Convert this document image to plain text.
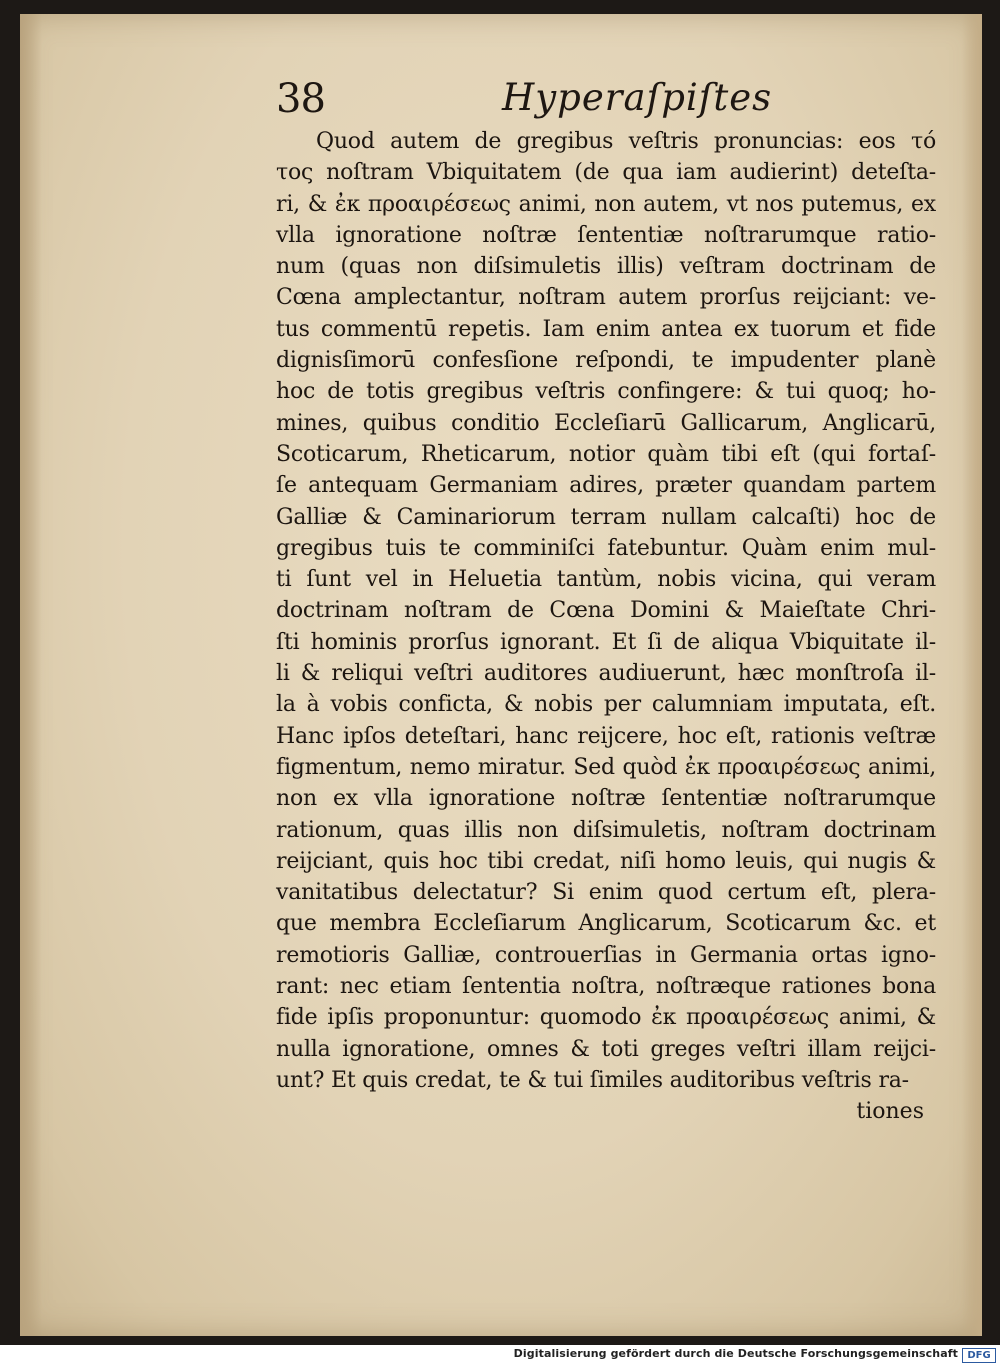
38	Hyperaſpiſtes
Quod autem de gregibus veſtris pronuncias: eos τό
τος noſtram Vbiquitatem (de qua iam audierint) deteſta-
ri, & ἐκ προαιρέσεως animi, non autem, vt nos putemus, ex
vlla ignoratione noſtræ ſententiæ noſtrarumque ratio-
num (quas non diſsimuletis illis) veſtram doctrinam de
Cœna amplectantur, noſtram autem prorſus reijciant: ve-
tus commentū repetis. Iam enim antea ex tuorum et fide
dignisſimorū confesſione reſpondi, te impudenter planè
hoc de totis gregibus veſtris confingere: & tui quoq; ho-
mines, quibus conditio Eccleſiarū Gallicarum, Anglicarū,
Scoticarum, Rheticarum, notior quàm tibi eſt (qui fortaſ-
ſe antequam Germaniam adires, præter quandam partem
Galliæ & Caminariorum terram nullam calcaſti) hoc de
gregibus tuis te comminiſci fatebuntur. Quàm enim mul-
ti ſunt vel in Heluetia tantùm, nobis vicina, qui veram
doctrinam noſtram de Cœna Domini & Maieſtate Chri-
ſti hominis prorſus ignorant. Et ſi de aliqua Vbiquitate il-
li & reliqui veſtri auditores audiuerunt, hæc monſtroſa il-
la à vobis conficta, & nobis per calumniam imputata, eſt.
Hanc ipſos deteſtari, hanc reijcere, hoc eſt, rationis veſtræ
figmentum, nemo miratur. Sed quòd ἐκ προαιρέσεως animi,
non ex vlla ignoratione noſtræ ſententiæ noſtrarumque
rationum, quas illis non diſsimuletis, noſtram doctrinam
reijciant, quis hoc tibi credat, niſi homo leuis, qui nugis &
vanitatibus delectatur? Si enim quod certum eſt, plera-
que membra Eccleſiarum Anglicarum, Scoticarum &c. et
remotioris Galliæ, controuerſias in Germania ortas igno-
rant: nec etiam ſententia noſtra, noſtræque rationes bona
fide ipſis proponuntur: quomodo ἐκ προαιρέσεως animi, &
nulla ignoratione, omnes & toti greges veſtri illam reijci-
unt? Et quis credat, te & tui ſimiles auditoribus veſtris ra-
tiones
Digitalisierung gefördert durch die Deutsche Forschungsgemeinschaft DFG
